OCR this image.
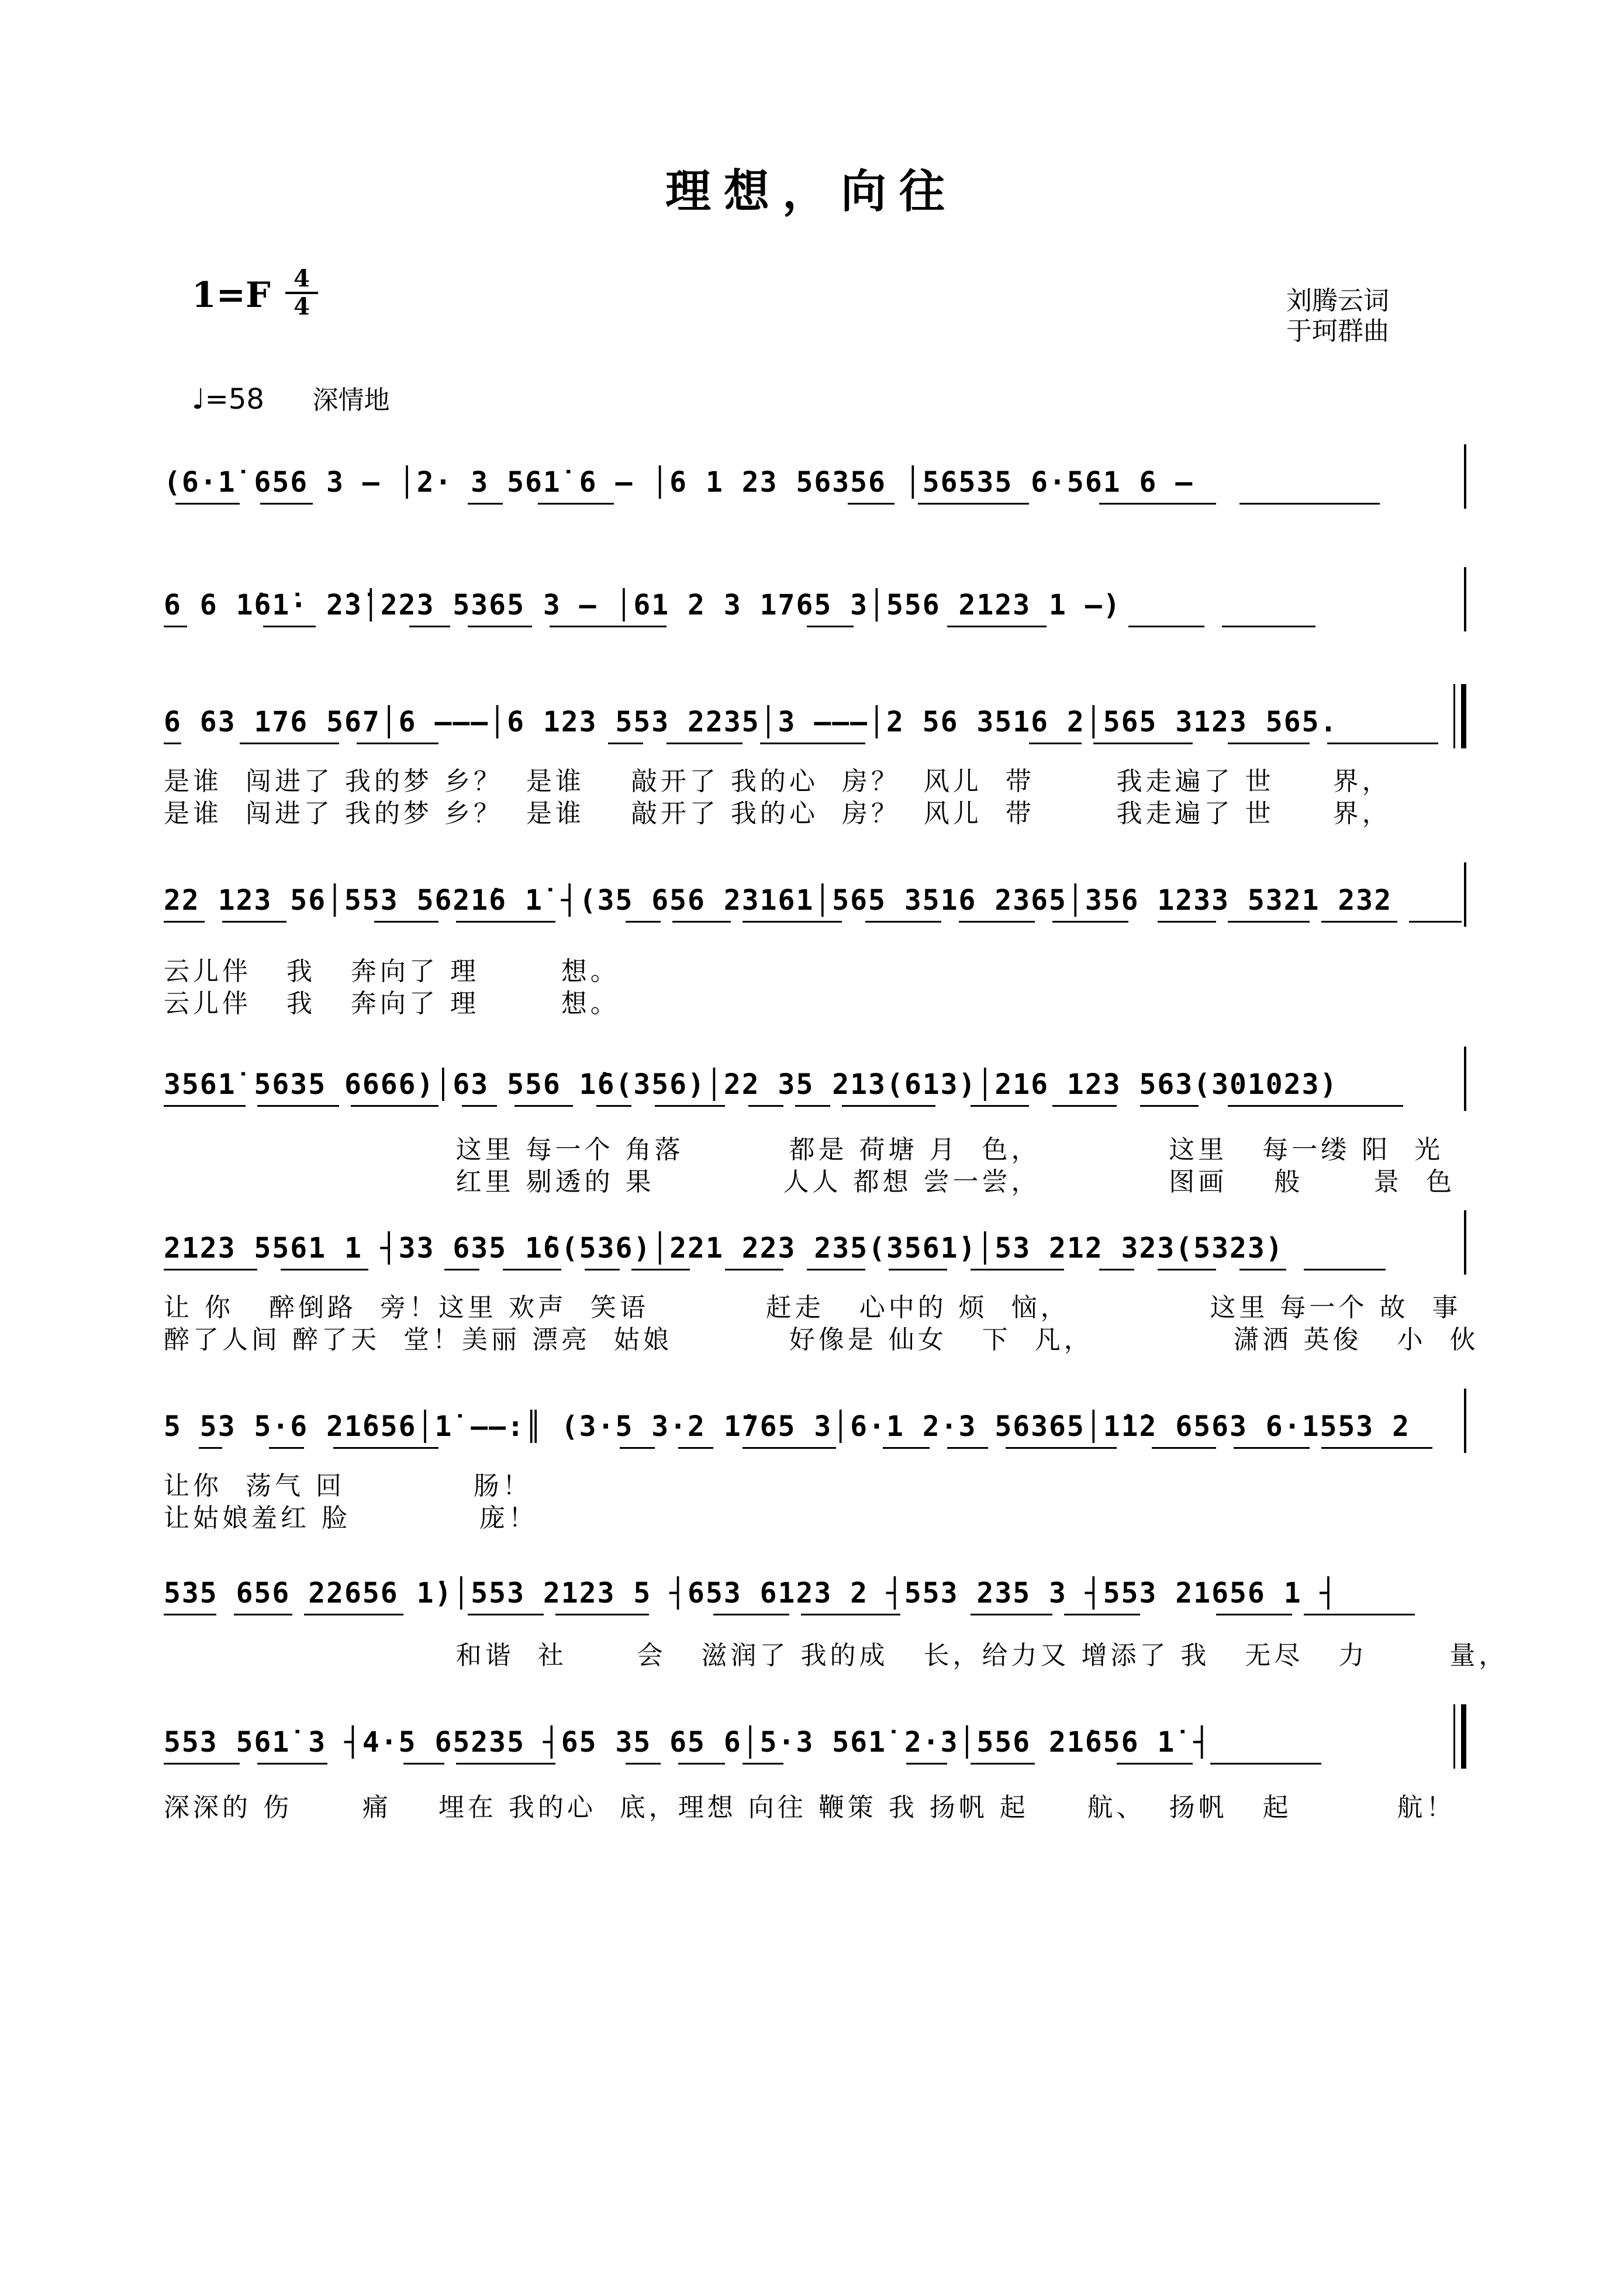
理想，向往
$1=F \frac{4}{4}$	刘腾云词
于珂群曲
♩=58 深情地
(6·1̇ 656 3 – │2· 3 561̇ 6 – │6 1 23 56356 │56535 6·561 6 –
6 6 1̇61̇· 2̇3̇│223 5365 3 – │61 2 3 1765 3│556 2123 1 –)
6 63 176 567│6 –––│6 123 553 2235│3 –––│2 56 3516 2│565 3123 565.
是谁  闯进了 我的梦 乡？  是谁    敲开了 我的心  房？  风儿  带       我走遍了 世     界，
是谁  闯进了 我的梦 乡？  是谁    敲开了 我的心  房？  风儿  带       我走遍了 世     界，
22 123 56│553 5621̇6 1̇ ┤(35 656 23161│565 3516 2365│356 1233 5321 232
云儿伴   我   奔向了 理       想。
云儿伴   我   奔向了 理       想。
3561̇ 5635 6666)│63 556 1̇6(356)│22 35 213(613)│216 123 563(301023)
这里 每一个 角落         都是 荷塘 月  色，           这里   每一缕 阳  光
红里 剔透的 果           人人 都想 尝一尝，           图画    般      景  色
2123 5561 1 ┤33 635 1̇6(536)│221 223 235(3561̇)│53 212 323(5323)
让 你   醉倒路  旁！这里 欢声  笑语          赶走   心中的 烦  恼，            这里 每一个 故  事
醉了人间 醉了天  堂！美丽 漂亮  姑娘          好像是 仙女   下  凡，            潇洒 英俊   小  伙
5 53 5·6 21̇656│1̇ ––:║ (3·5 3·2 1̇765 3│6·1 2·3 56365│1̇1̇2 6563 6·1553 2
让你  荡气 回           肠！
让姑娘羞红 脸           庞！
535 656 22656 1̇)│553 2123 5 ┤653 6123 2 ┤553 235 3 ┤553 21656 1 ┤
和谐  社      会   滋润了 我的成   长，给力又 增添了 我   无尽   力       量，
553 561̇ 3 ┤4·5 65235 ┤65 35 65 6│5·3 561̇ 2·3│556 21̇656 1̇ ┤
深深的 伤      痛    埋在 我的心  底，理想 向往 鞭策 我 扬帆 起     航、  扬帆   起         航！
